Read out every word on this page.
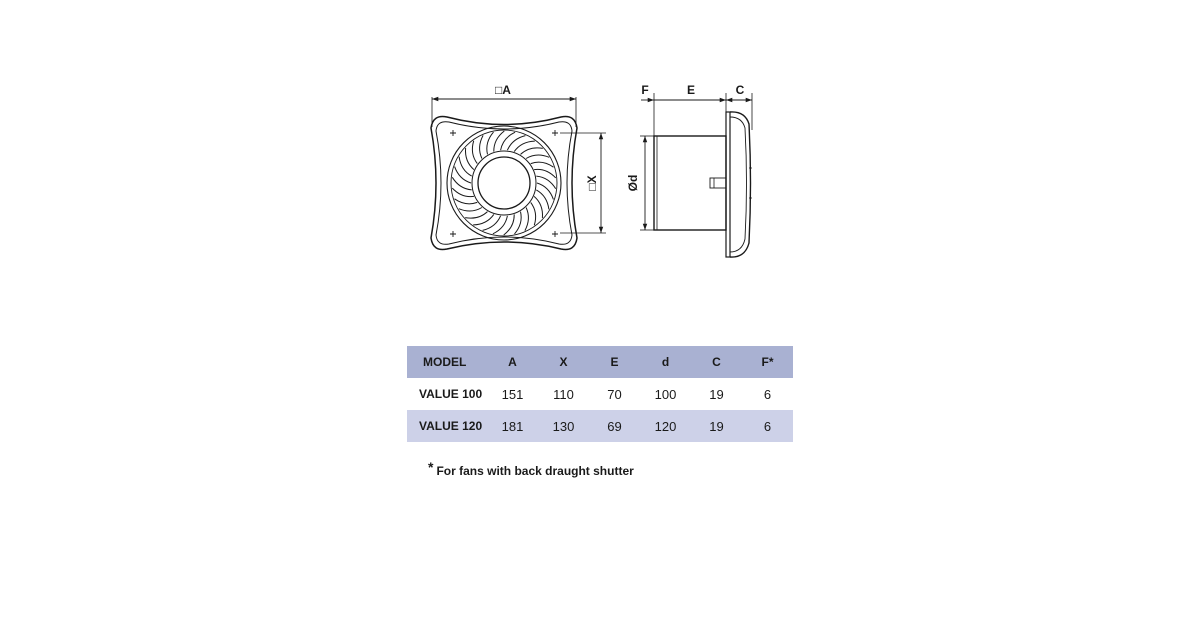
□A
□X
F	E	C
Ød
MODEL	A	X	E	d	C	F*
VALUE 100	151	110	70	100	19	6
VALUE 120	181	130	69	120	19	6
* For fans with back draught shutter
